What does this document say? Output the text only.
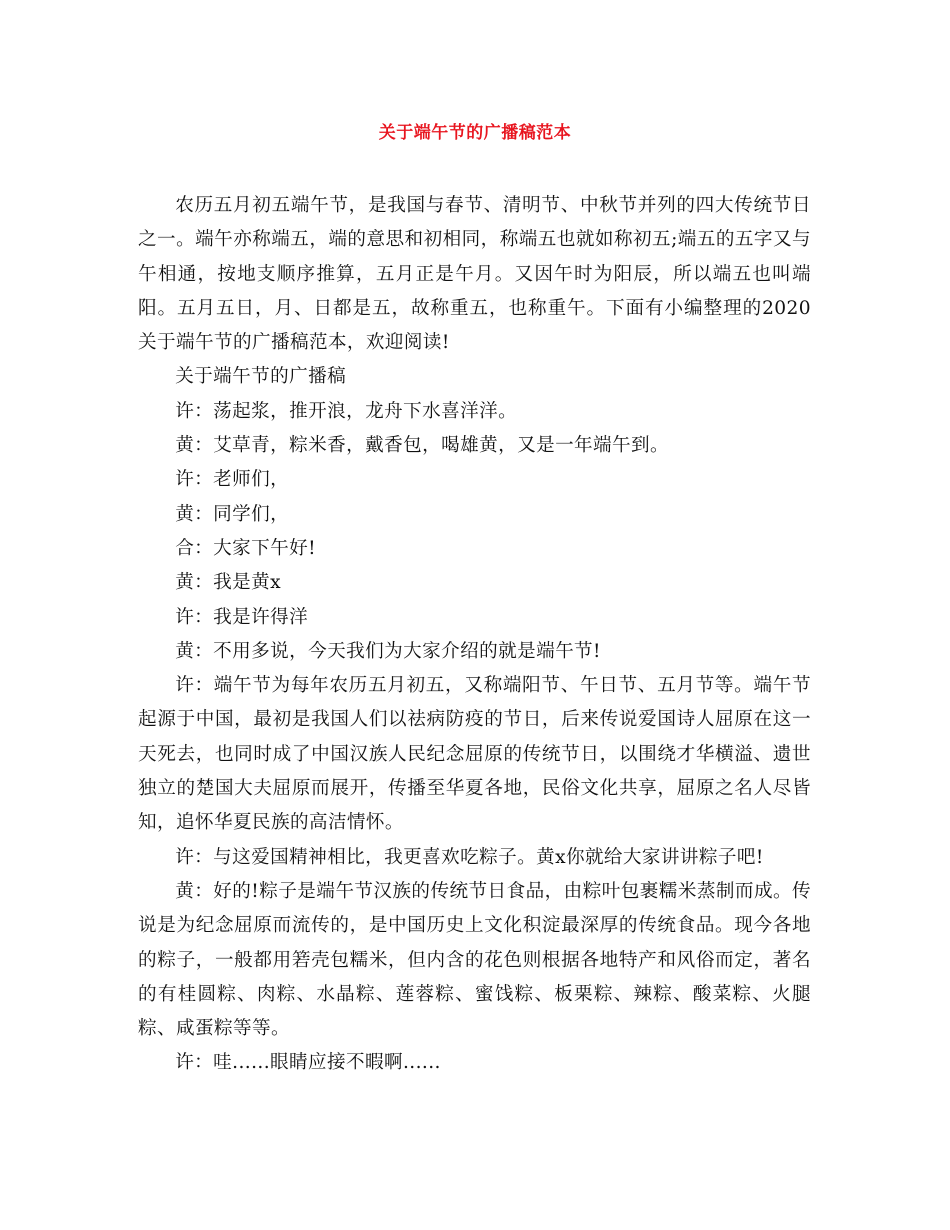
关于端午节的广播稿范本

农历五月初五端午节，是我国与春节、清明节、中秋节并列的四大传统节日之一。端午亦称端五，端的意思和初相同，称端五也就如称初五;端五的五字又与午相通，按地支顺序推算，五月正是午月。又因午时为阳辰，所以端五也叫端阳。五月五日，月、日都是五，故称重五，也称重午。下面有小编整理的2020关于端午节的广播稿范本，欢迎阅读!

关于端午节的广播稿

许：荡起浆，推开浪，龙舟下水喜洋洋。

黄：艾草青，粽米香，戴香包，喝雄黄，又是一年端午到。

许：老师们，

黄：同学们，

合：大家下午好!

黄：我是黄x

许：我是许得洋

黄：不用多说，今天我们为大家介绍的就是端午节!

许：端午节为每年农历五月初五，又称端阳节、午日节、五月节等。端午节起源于中国，最初是我国人们以祛病防疫的节日，后来传说爱国诗人屈原在这一天死去，也同时成了中国汉族人民纪念屈原的传统节日，以围绕才华横溢、遗世独立的楚国大夫屈原而展开，传播至华夏各地，民俗文化共享，屈原之名人尽皆知，追怀华夏民族的高洁情怀。

许：与这爱国精神相比，我更喜欢吃粽子。黄x你就给大家讲讲粽子吧!

黄：好的!粽子是端午节汉族的传统节日食品，由粽叶包裹糯米蒸制而成。传说是为纪念屈原而流传的，是中国历史上文化积淀最深厚的传统食品。现今各地的粽子，一般都用箬壳包糯米，但内含的花色则根据各地特产和风俗而定，著名的有桂圆粽、肉粽、水晶粽、莲蓉粽、蜜饯粽、板栗粽、辣粽、酸菜粽、火腿粽、咸蛋粽等等。

许：哇......眼睛应接不暇啊......
